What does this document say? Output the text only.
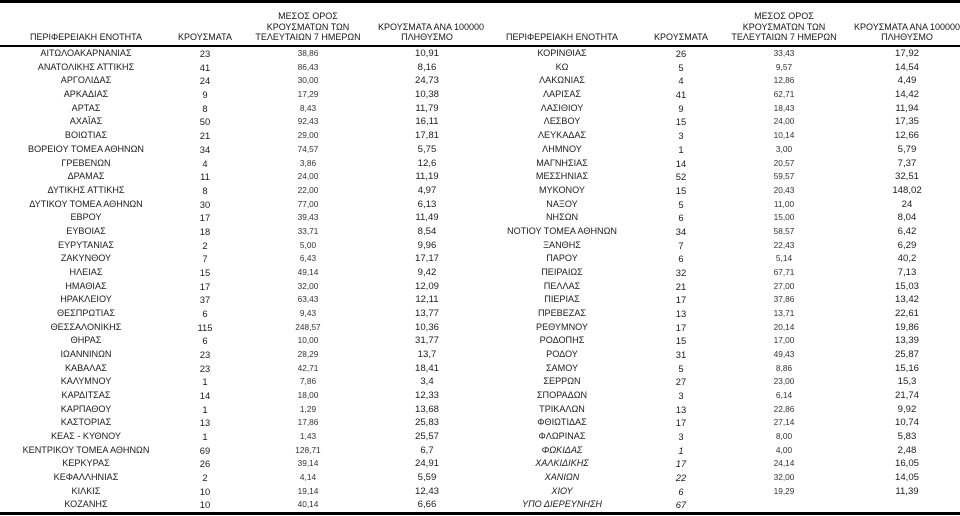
ΠΕΡΙΦΕΡΕΙΑΚΗ ΕΝΟΤΗΤΑ	ΚΡΟΥΣΜΑΤΑ
ΜΕΣΟΣ ΟΡΟΣ
ΚΡΟΥΣΜΑΤΩΝ ΤΩΝ
ΤΕΛΕΥΤΑΙΩΝ 7 ΗΜΕΡΩΝ
ΚΡΟΥΣΜΑΤΑ ΑΝΑ 100000
ΠΛΗΘΥΣΜΟ
ΑΙΤΩΛΟΑΚΑΡΝΑΝΙΑΣ	23	38,86	10,91
ΑΝΑΤΟΛΙΚΗΣ ΑΤΤΙΚΗΣ	41	86,43	8,16
ΑΡΓΟΛΙΔΑΣ	24	30,00	24,73
ΑΡΚΑΔΙΑΣ	9	17,29	10,38
ΑΡΤΑΣ	8	8,43	11,79
ΑΧΑΪΑΣ	50	92,43	16,11
ΒΟΙΩΤΙΑΣ	21	29,00	17,81
ΒΟΡΕΙΟΥ ΤΟΜΕΑ ΑΘΗΝΩΝ	34	74,57	5,75
ΓΡΕΒΕΝΩΝ	4	3,86	12,6
ΔΡΑΜΑΣ	11	24,00	11,19
ΔΥΤΙΚΗΣ ΑΤΤΙΚΗΣ	8	22,00	4,97
ΔΥΤΙΚΟΥ ΤΟΜΕΑ ΑΘΗΝΩΝ	30	77,00	6,13
ΕΒΡΟΥ	17	39,43	11,49
ΕΥΒΟΙΑΣ	18	33,71	8,54
ΕΥΡΥΤΑΝΙΑΣ	2	5,00	9,96
ΖΑΚΥΝΘΟΥ	7	6,43	17,17
ΗΛΕΙΑΣ	15	49,14	9,42
ΗΜΑΘΙΑΣ	17	32,00	12,09
ΗΡΑΚΛΕΙΟΥ	37	63,43	12,11
ΘΕΣΠΡΩΤΙΑΣ	6	9,43	13,77
ΘΕΣΣΑΛΟΝΙΚΗΣ	115	248,57	10,36
ΘΗΡΑΣ	6	10,00	31,77
ΙΩΑΝΝΙΝΩΝ	23	28,29	13,7
ΚΑΒΑΛΑΣ	23	42,71	18,41
ΚΑΛΥΜΝΟΥ	1	7,86	3,4
ΚΑΡΔΙΤΣΑΣ	14	18,00	12,33
ΚΑΡΠΑΘΟΥ	1	1,29	13,68
ΚΑΣΤΟΡΙΑΣ	13	17,86	25,83
ΚΕΑΣ - ΚΥΘΝΟΥ	1	1,43	25,57
ΚΕΝΤΡΙΚΟΥ ΤΟΜΕΑ ΑΘΗΝΩΝ	69	128,71	6,7
ΚΕΡΚΥΡΑΣ	26	39,14	24,91
ΚΕΦΑΛΛΗΝΙΑΣ	2	4,14	5,59
ΚΙΛΚΙΣ	10	19,14	12,43
ΚΟΖΑΝΗΣ	10	40,14	6,66
ΠΕΡΙΦΕΡΕΙΑΚΗ ΕΝΟΤΗΤΑ	ΚΡΟΥΣΜΑΤΑ
ΜΕΣΟΣ ΟΡΟΣ
ΚΡΟΥΣΜΑΤΩΝ ΤΩΝ
ΤΕΛΕΥΤΑΙΩΝ 7 ΗΜΕΡΩΝ
ΚΡΟΥΣΜΑΤΑ ΑΝΑ 100000
ΠΛΗΘΥΣΜΟ
ΚΟΡΙΝΘΙΑΣ	26	33,43	17,92
ΚΩ	5	9,57	14,54
ΛΑΚΩΝΙΑΣ	4	12,86	4,49
ΛΑΡΙΣΑΣ	41	62,71	14,42
ΛΑΣΙΘΙΟΥ	9	18,43	11,94
ΛΕΣΒΟΥ	15	24,00	17,35
ΛΕΥΚΑΔΑΣ	3	10,14	12,66
ΛΗΜΝΟΥ	1	3,00	5,79
ΜΑΓΝΗΣΙΑΣ	14	20,57	7,37
ΜΕΣΣΗΝΙΑΣ	52	59,57	32,51
ΜΥΚΟΝΟΥ	15	20,43	148,02
ΝΑΞΟΥ	5	11,00	24
ΝΗΣΩΝ	6	15,00	8,04
ΝΟΤΙΟΥ ΤΟΜΕΑ ΑΘΗΝΩΝ	34	58,57	6,42
ΞΑΝΘΗΣ	7	22,43	6,29
ΠΑΡΟΥ	6	5,14	40,2
ΠΕΙΡΑΙΩΣ	32	67,71	7,13
ΠΕΛΛΑΣ	21	27,00	15,03
ΠΙΕΡΙΑΣ	17	37,86	13,42
ΠΡΕΒΕΖΑΣ	13	13,71	22,61
ΡΕΘΥΜΝΟΥ	17	20,14	19,86
ΡΟΔΟΠΗΣ	15	17,00	13,39
ΡΟΔΟΥ	31	49,43	25,87
ΣΑΜΟΥ	5	8,86	15,16
ΣΕΡΡΩΝ	27	23,00	15,3
ΣΠΟΡΑΔΩΝ	3	6,14	21,74
ΤΡΙΚΑΛΩΝ	13	22,86	9,92
ΦΘΙΩΤΙΔΑΣ	17	27,14	10,74
ΦΛΩΡΙΝΑΣ	3	8,00	5,83
ΦΩΚΙΔΑΣ	1	4,00	2,48
ΧΑΛΚΙΔΙΚΗΣ	17	24,14	16,05
ΧΑΝΙΩΝ	22	32,00	14,05
ΧΙΟΥ	6	19,29	11,39
ΥΠΟ ΔΙΕΡΕΥΝΗΣΗ	67
